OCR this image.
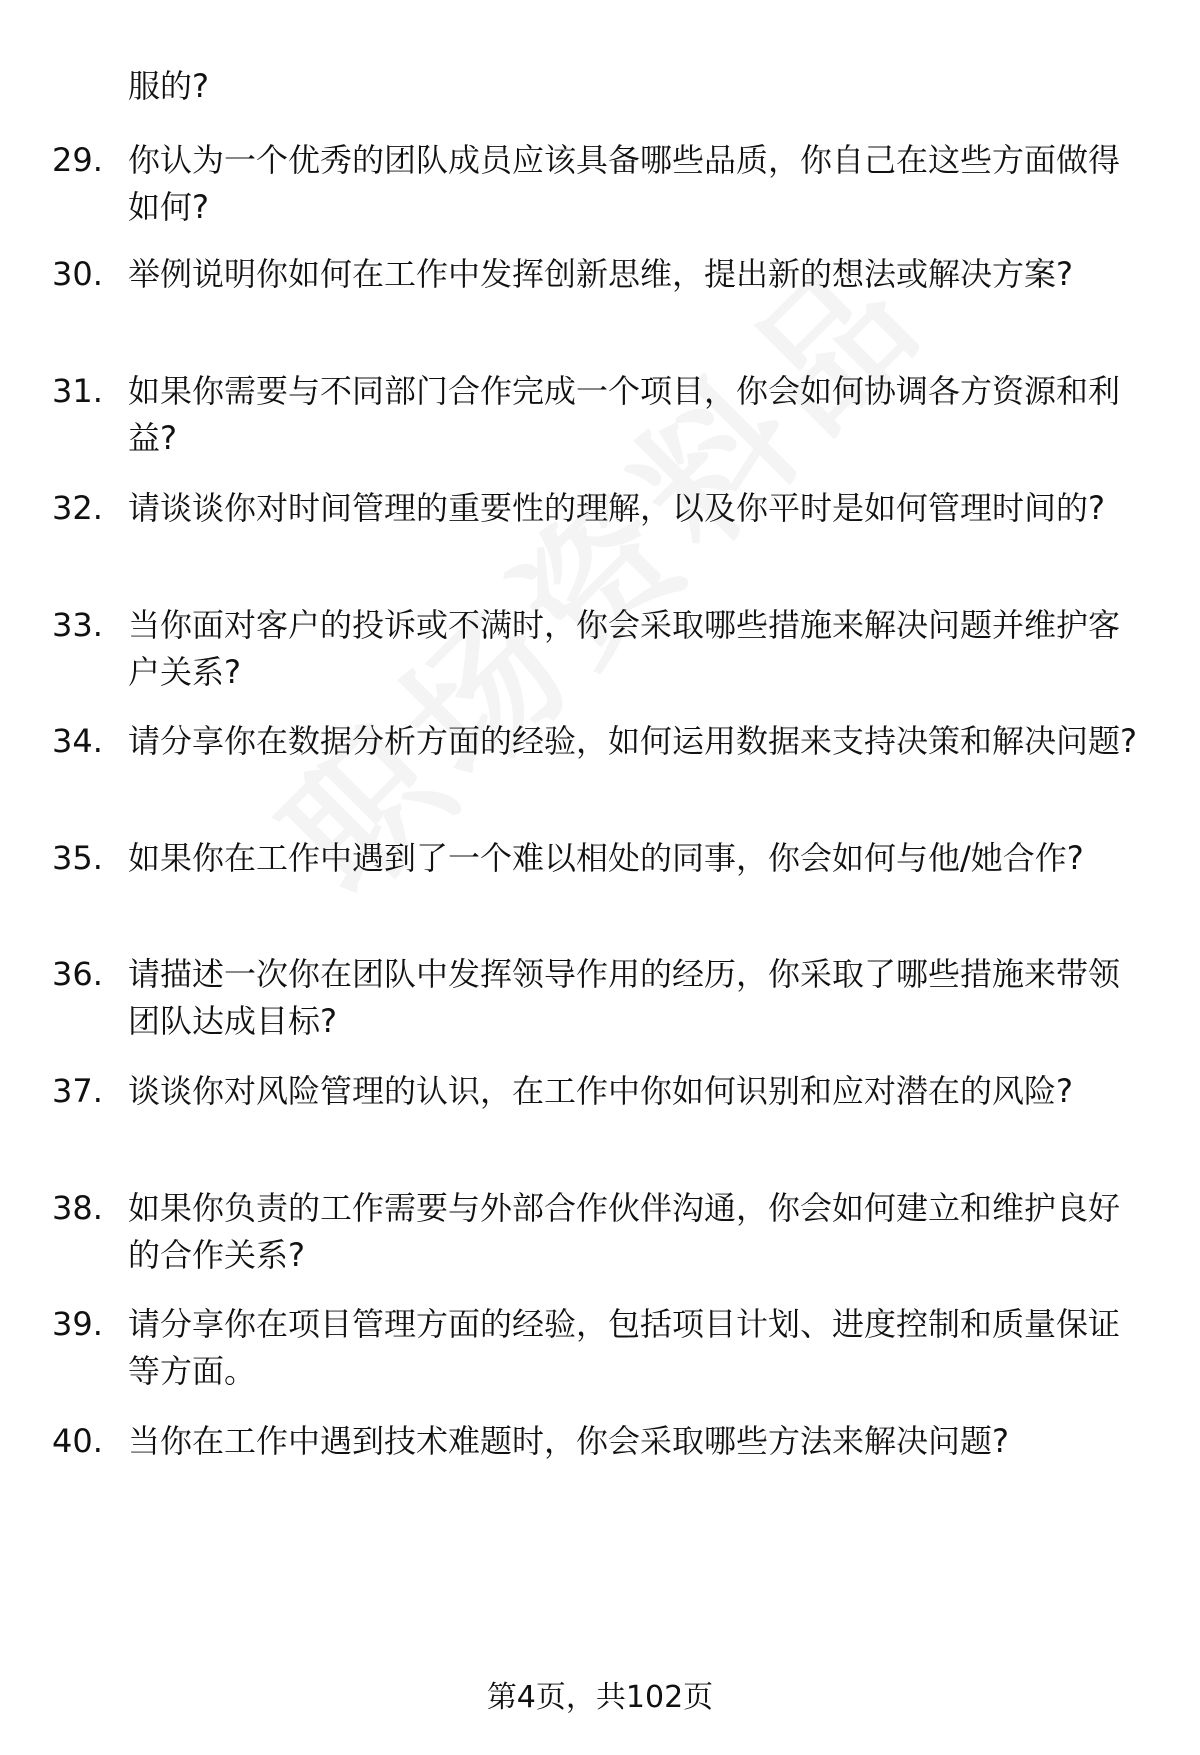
服的?
29. 你认为一个优秀的团队成员应该具备哪些品质，你自己在这些方面做得如何?
30. 举例说明你如何在工作中发挥创新思维，提出新的想法或解决方案?
31. 如果你需要与不同部门合作完成一个项目，你会如何协调各方资源和利益?
32. 请谈谈你对时间管理的重要性的理解，以及你平时是如何管理时间的?
33. 当你面对客户的投诉或不满时，你会采取哪些措施来解决问题并维护客户关系?
34. 请分享你在数据分析方面的经验，如何运用数据来支持决策和解决问题?
35. 如果你在工作中遇到了一个难以相处的同事，你会如何与他/她合作?
36. 请描述一次你在团队中发挥领导作用的经历，你采取了哪些措施来带领团队达成目标?
37. 谈谈你对风险管理的认识，在工作中你如何识别和应对潜在的风险?
38. 如果你负责的工作需要与外部合作伙伴沟通，你会如何建立和维护良好的合作关系?
39. 请分享你在项目管理方面的经验，包括项目计划、进度控制和质量保证等方面。
40. 当你在工作中遇到技术难题时，你会采取哪些方法来解决问题?
第4页，共102页
